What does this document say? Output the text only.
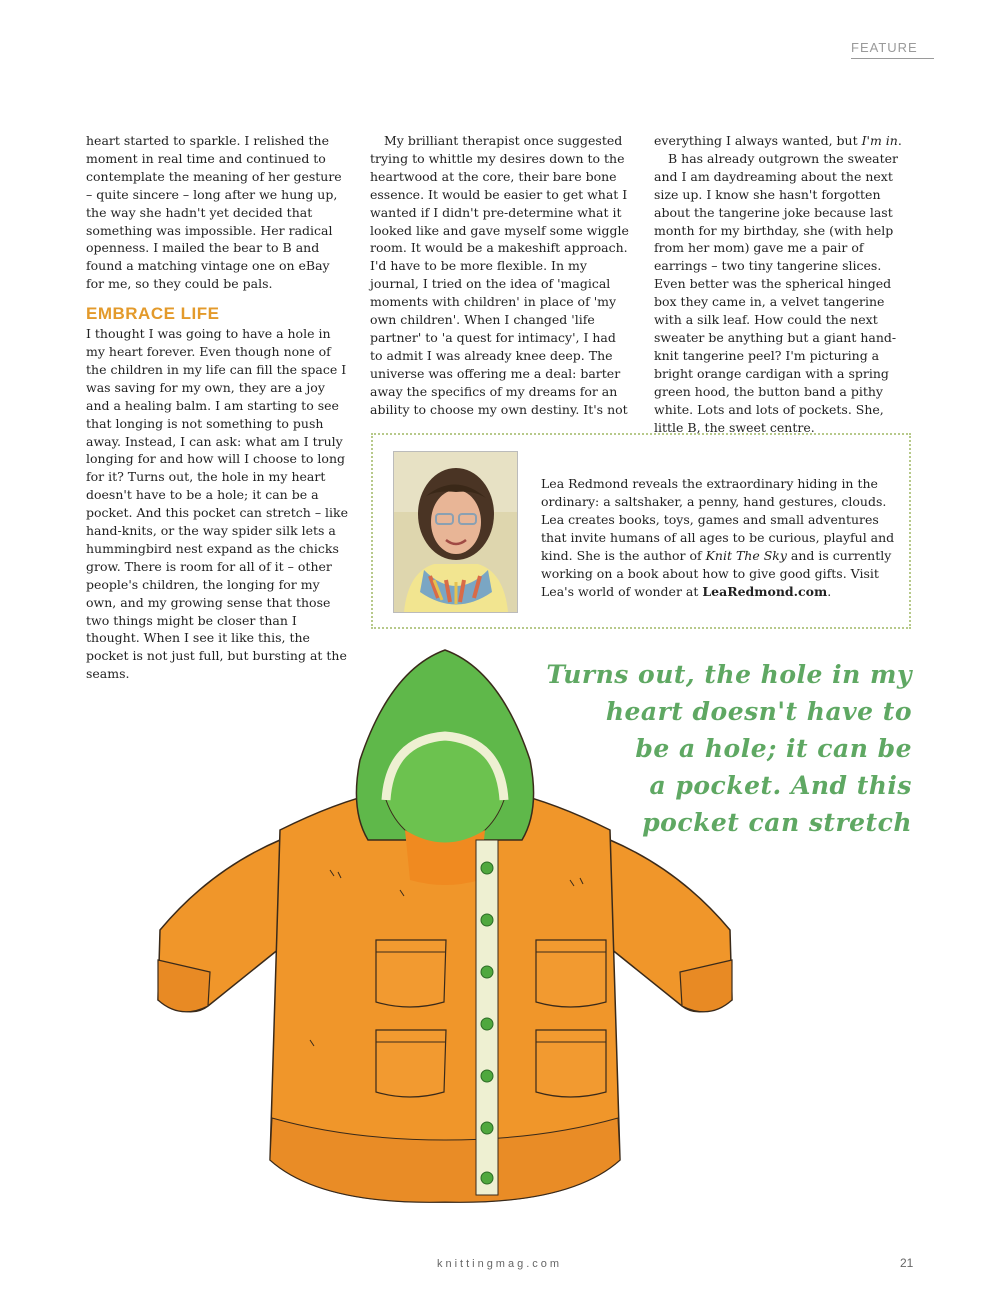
FEATURE

heart started to sparkle. I relished the moment in real time and continued to contemplate the meaning of her gesture – quite sincere – long after we hung up, the way she hadn't yet decided that something was impossible. Her radical openness. I mailed the bear to B and found a matching vintage one on eBay for me, so they could be pals.

EMBRACE LIFE

I thought I was going to have a hole in my heart forever. Even though none of the children in my life can fill the space I was saving for my own, they are a joy and a healing balm. I am starting to see that longing is not something to push away. Instead, I can ask: what am I truly longing for and how will I choose to long for it? Turns out, the hole in my heart doesn't have to be a hole; it can be a pocket. And this pocket can stretch – like hand-knits, or the way spider silk lets a hummingbird nest expand as the chicks grow. There is room for all of it – other people's children, the longing for my own, and my growing sense that those two things might be closer than I thought. When I see it like this, the pocket is not just full, but bursting at the seams.

My brilliant therapist once suggested trying to whittle my desires down to the heartwood at the core, their bare bone essence. It would be easier to get what I wanted if I didn't pre-determine what it looked like and gave myself some wiggle room. It would be a makeshift approach. I'd have to be more flexible. In my journal, I tried on the idea of 'magical moments with children' in place of 'my own children'. When I changed 'life partner' to 'a quest for intimacy', I had to admit I was already knee deep. The universe was offering me a deal: barter away the specifics of my dreams for an ability to choose my own destiny. It's not

everything I always wanted, but I'm in.

B has already outgrown the sweater and I am daydreaming about the next size up. I know she hasn't forgotten about the tangerine joke because last month for my birthday, she (with help from her mom) gave me a pair of earrings – two tiny tangerine slices. Even better was the spherical hinged box they came in, a velvet tangerine with a silk leaf. How could the next sweater be anything but a giant hand-knit tangerine peel? I'm picturing a bright orange cardigan with a spring green hood, the button band a pithy white. Lots and lots of pockets. She, little B, the sweet centre.

Lea Redmond reveals the extraordinary hiding in the ordinary: a saltshaker, a penny, hand gestures, clouds. Lea creates books, toys, games and small adventures that invite humans of all ages to be curious, playful and kind. She is the author of Knit The Sky and is currently working on a book about how to give good gifts. Visit Lea's world of wonder at LeaRedmond.com.

Turns out, the hole in my
heart doesn't have to
be a hole; it can be
a pocket. And this
pocket can stretch
knittingmag.com	21
